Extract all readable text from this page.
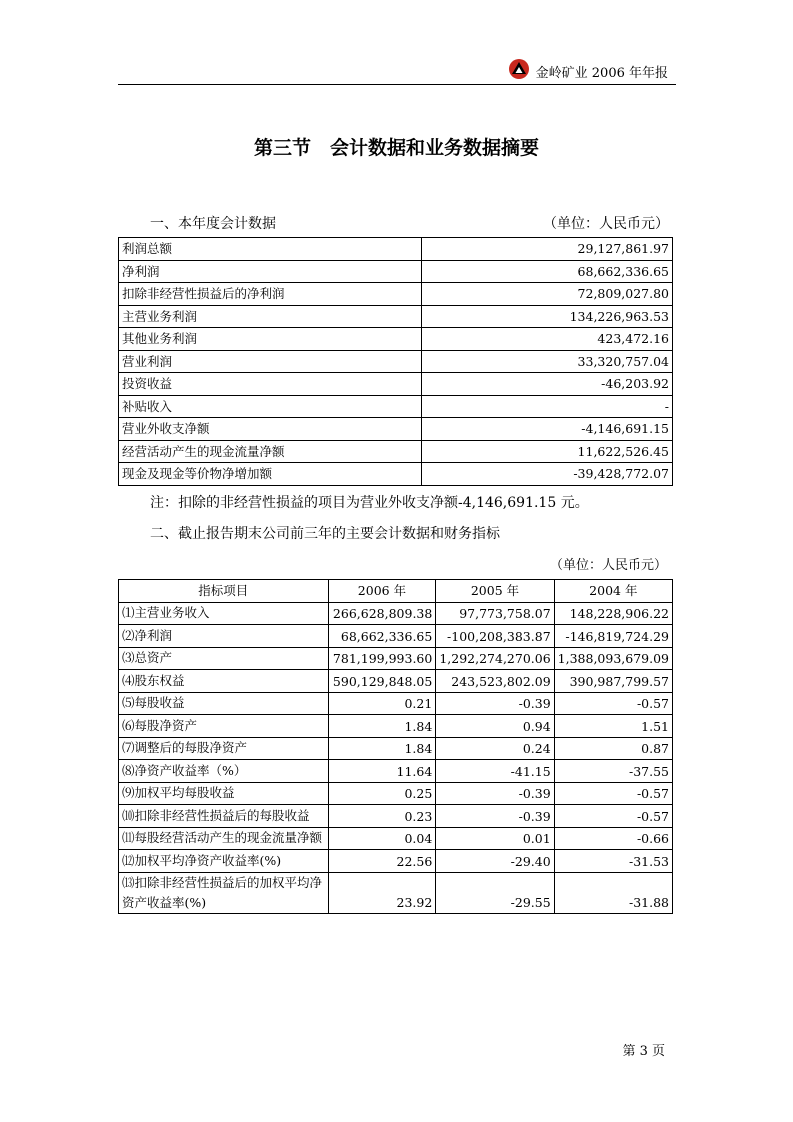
金岭矿业 2006 年年报
第三节　会计数据和业务数据摘要
一、本年度会计数据	（单位：人民币元）
利润总额	29,127,861.97
净利润	68,662,336.65
扣除非经营性损益后的净利润	72,809,027.80
主营业务利润	134,226,963.53
其他业务利润	423,472.16
营业利润	33,320,757.04
投资收益	-46,203.92
补贴收入	-
营业外收支净额	-4,146,691.15
经营活动产生的现金流量净额	11,622,526.45
现金及现金等价物净增加额	-39,428,772.07
注：扣除的非经营性损益的项目为营业外收支净额-4,146,691.15 元。
二、截止报告期末公司前三年的主要会计数据和财务指标
（单位：人民币元）
指标项目	2006 年	2005 年	2004 年
⑴主营业务收入	266,628,809.38	97,773,758.07	148,228,906.22
⑵净利润	68,662,336.65	-100,208,383.87	-146,819,724.29
⑶总资产	781,199,993.60	1,292,274,270.06	1,388,093,679.09
⑷股东权益	590,129,848.05	243,523,802.09	390,987,799.57
⑸每股收益	0.21	-0.39	-0.57
⑹每股净资产	1.84	0.94	1.51
⑺调整后的每股净资产	1.84	0.24	0.87
⑻净资产收益率（%）	11.64	-41.15	-37.55
⑼加权平均每股收益	0.25	-0.39	-0.57
⑽扣除非经营性损益后的每股收益	0.23	-0.39	-0.57
⑾每股经营活动产生的现金流量净额	0.04	0.01	-0.66
⑿加权平均净资产收益率(%)	22.56	-29.40	-31.53
⒀扣除非经营性损益后的加权平均净资产收益率(%)	23.92	-29.55	-31.88
第 3 页
